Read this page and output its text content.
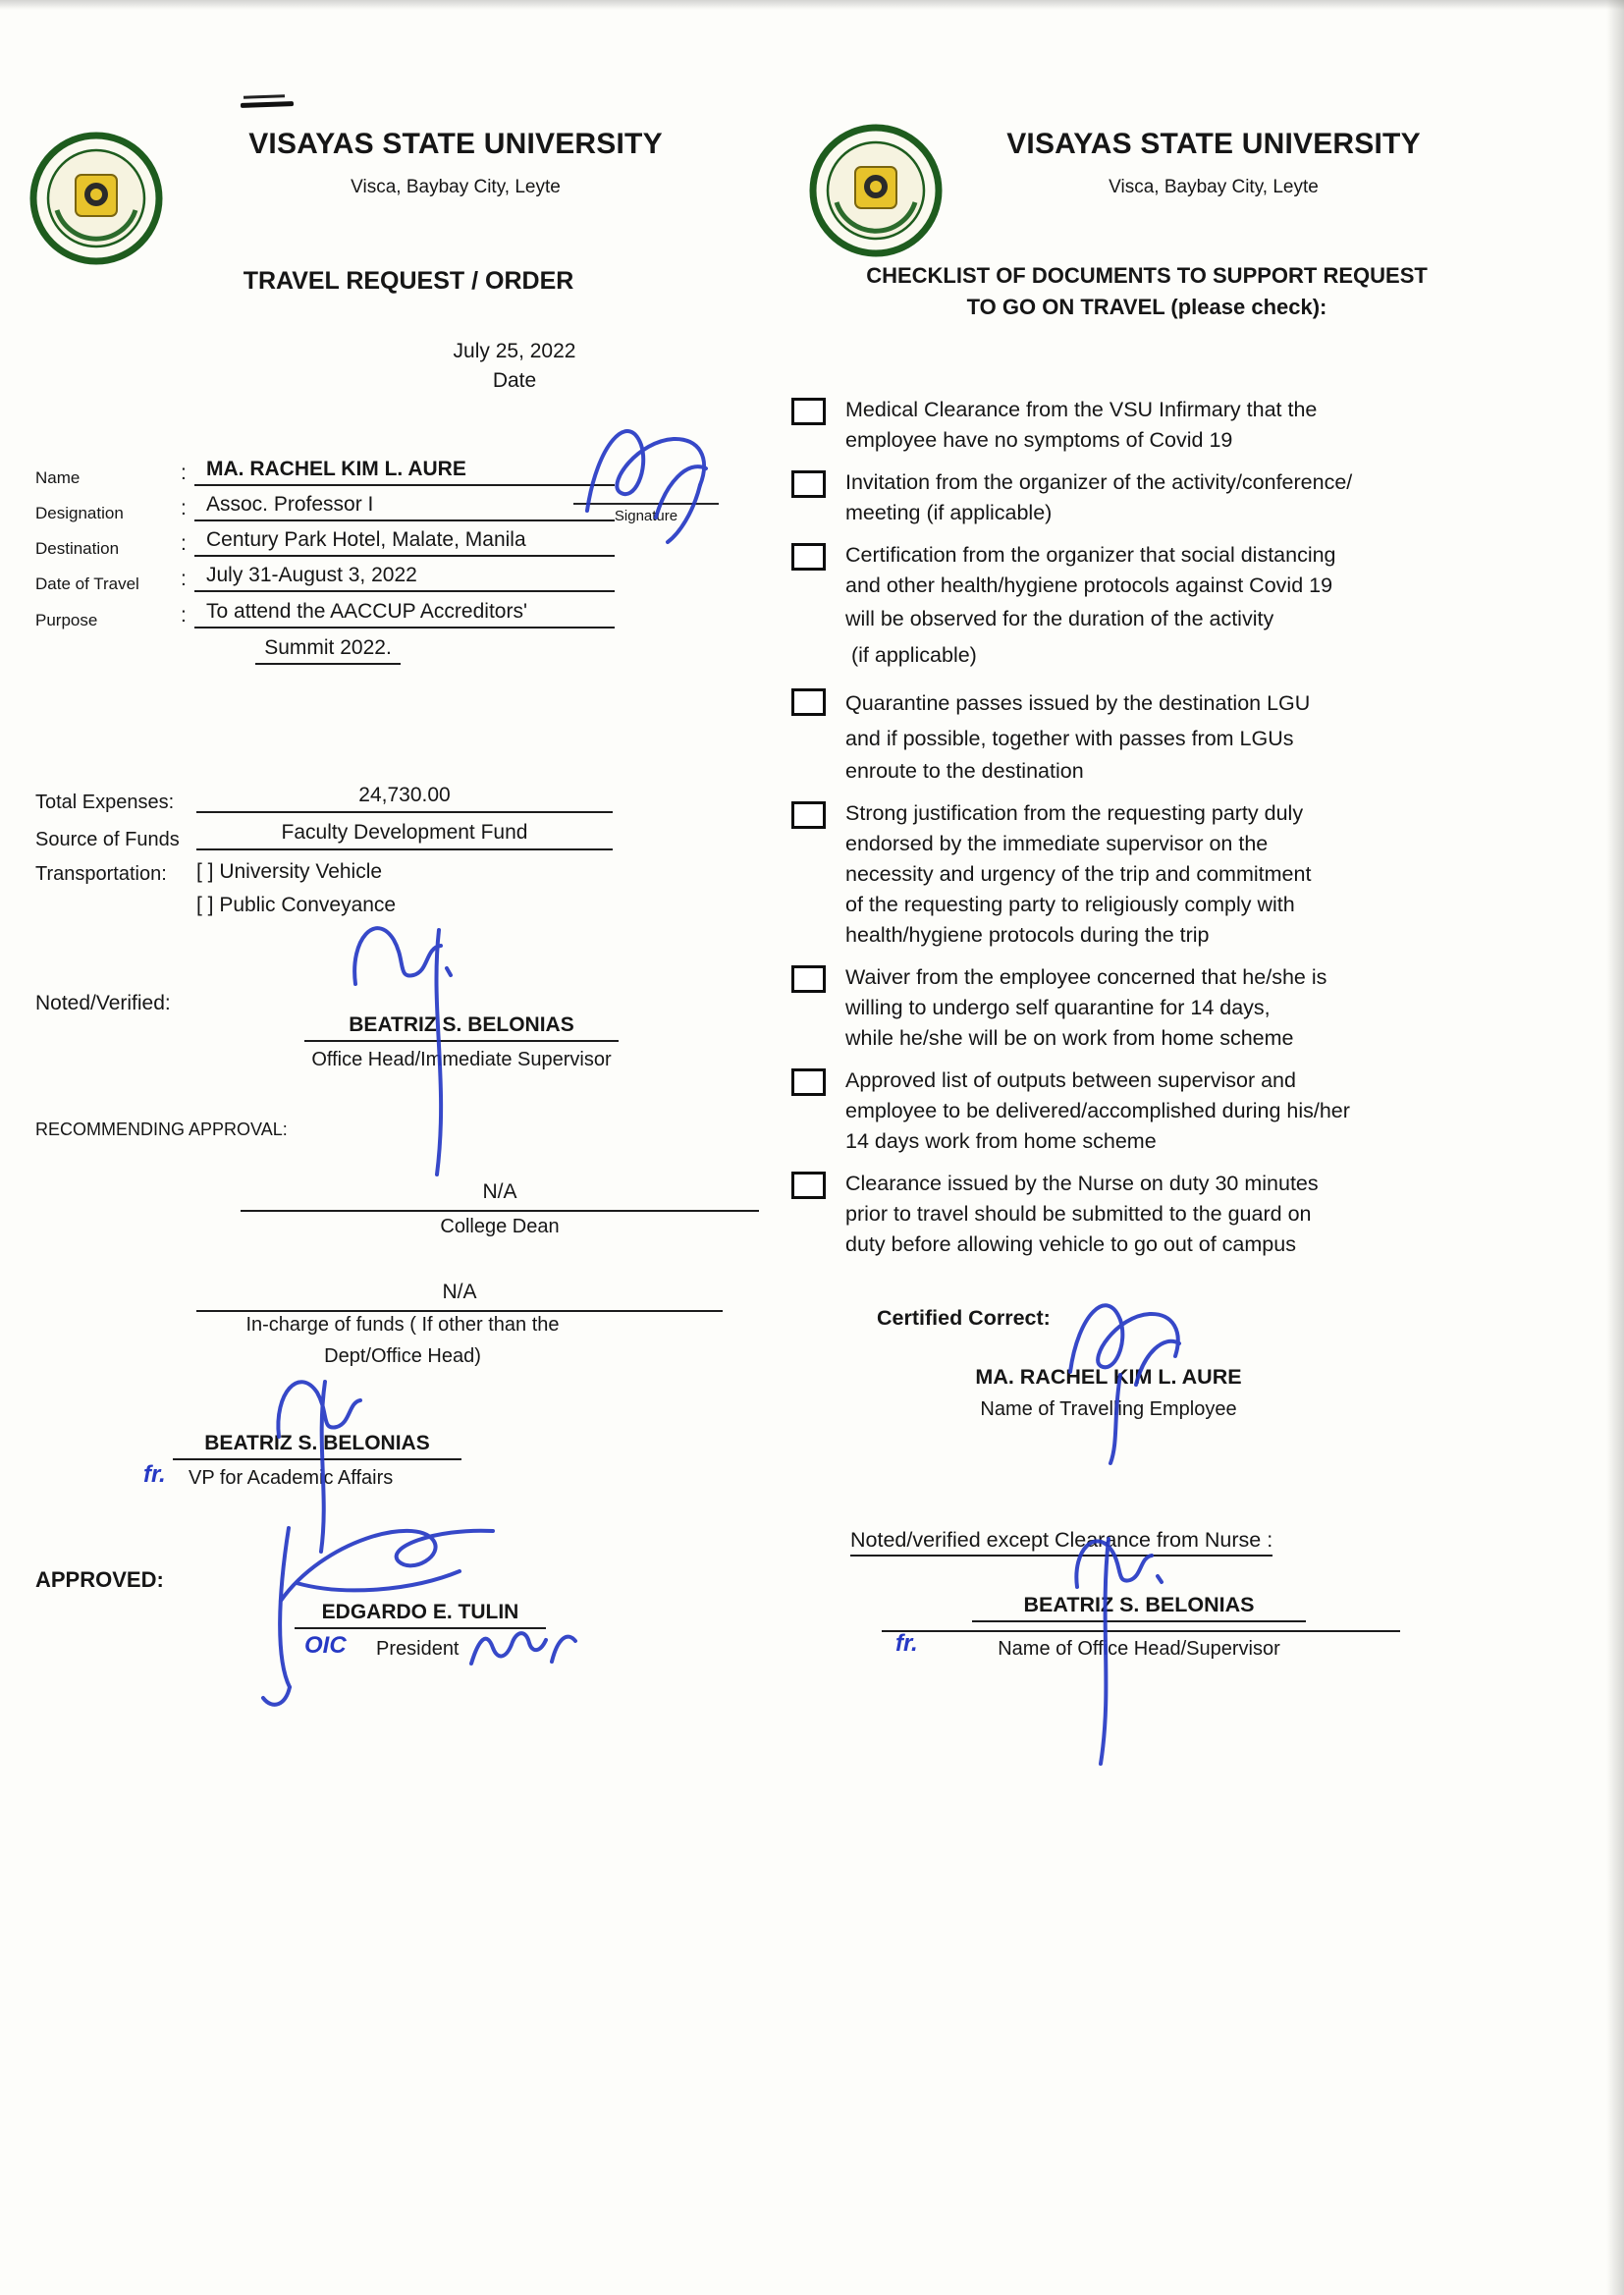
VISAYAS STATE UNIVERSITY
Visca, Baybay City, Leyte
TRAVEL REQUEST / ORDER
July 25, 2022
Date
Name	: MA. RACHEL KIM L. AURE
Designation	: Assoc. Professor I
Destination	: Century Park Hotel, Malate, Manila
Date of Travel : July 31-August 3, 2022
Purpose	: To attend the AACCUP Accreditors'
Summit 2022.
Signature
Total Expenses:	24,730.00
Source of Funds	Faculty Development Fund
Transportation: [ ] University Vehicle
[ ] Public Conveyance
Noted/Verified:
BEATRIZ S. BELONIAS
Office Head/Immediate Supervisor
RECOMMENDING APPROVAL:
N/A
College Dean
N/A
In-charge of funds ( If other than the
Dept/Office Head)
BEATRIZ S. BELONIAS
fr. VP for Academic Affairs
APPROVED:
EDGARDO E. TULIN
OIC President
VISAYAS STATE UNIVERSITY
Visca, Baybay City, Leyte
CHECKLIST OF DOCUMENTS TO SUPPORT REQUEST
TO GO ON TRAVEL (please check):
Medical Clearance from the VSU Infirmary that the
employee have no symptoms of Covid 19
Invitation from the organizer of the activity/conference/
meeting (if applicable)
Certification from the organizer that social distancing
and other health/hygiene protocols against Covid 19
will be observed for the duration of the activity
(if applicable)
Quarantine passes issued by the destination LGU
and if possible, together with passes from LGUs
enroute to the destination
Strong justification from the requesting party duly
endorsed by the immediate supervisor on the
necessity and urgency of the trip and commitment
of the requesting party to religiously comply with
health/hygiene protocols during the trip
Waiver from the employee concerned that he/she is
willing to undergo self quarantine for 14 days,
while he/she will be on work from home scheme
Approved list of outputs between supervisor and
employee to be delivered/accomplished during his/her
14 days work from home scheme
Clearance issued by the Nurse on duty 30 minutes
prior to travel should be submitted to the guard on
duty before allowing vehicle to go out of campus
Certified Correct:
MA. RACHEL KIM L. AURE
Name of Travelling Employee
Noted/verified except Clearance from Nurse :
BEATRIZ S. BELONIAS
Name of Office Head/Supervisor
fr.
